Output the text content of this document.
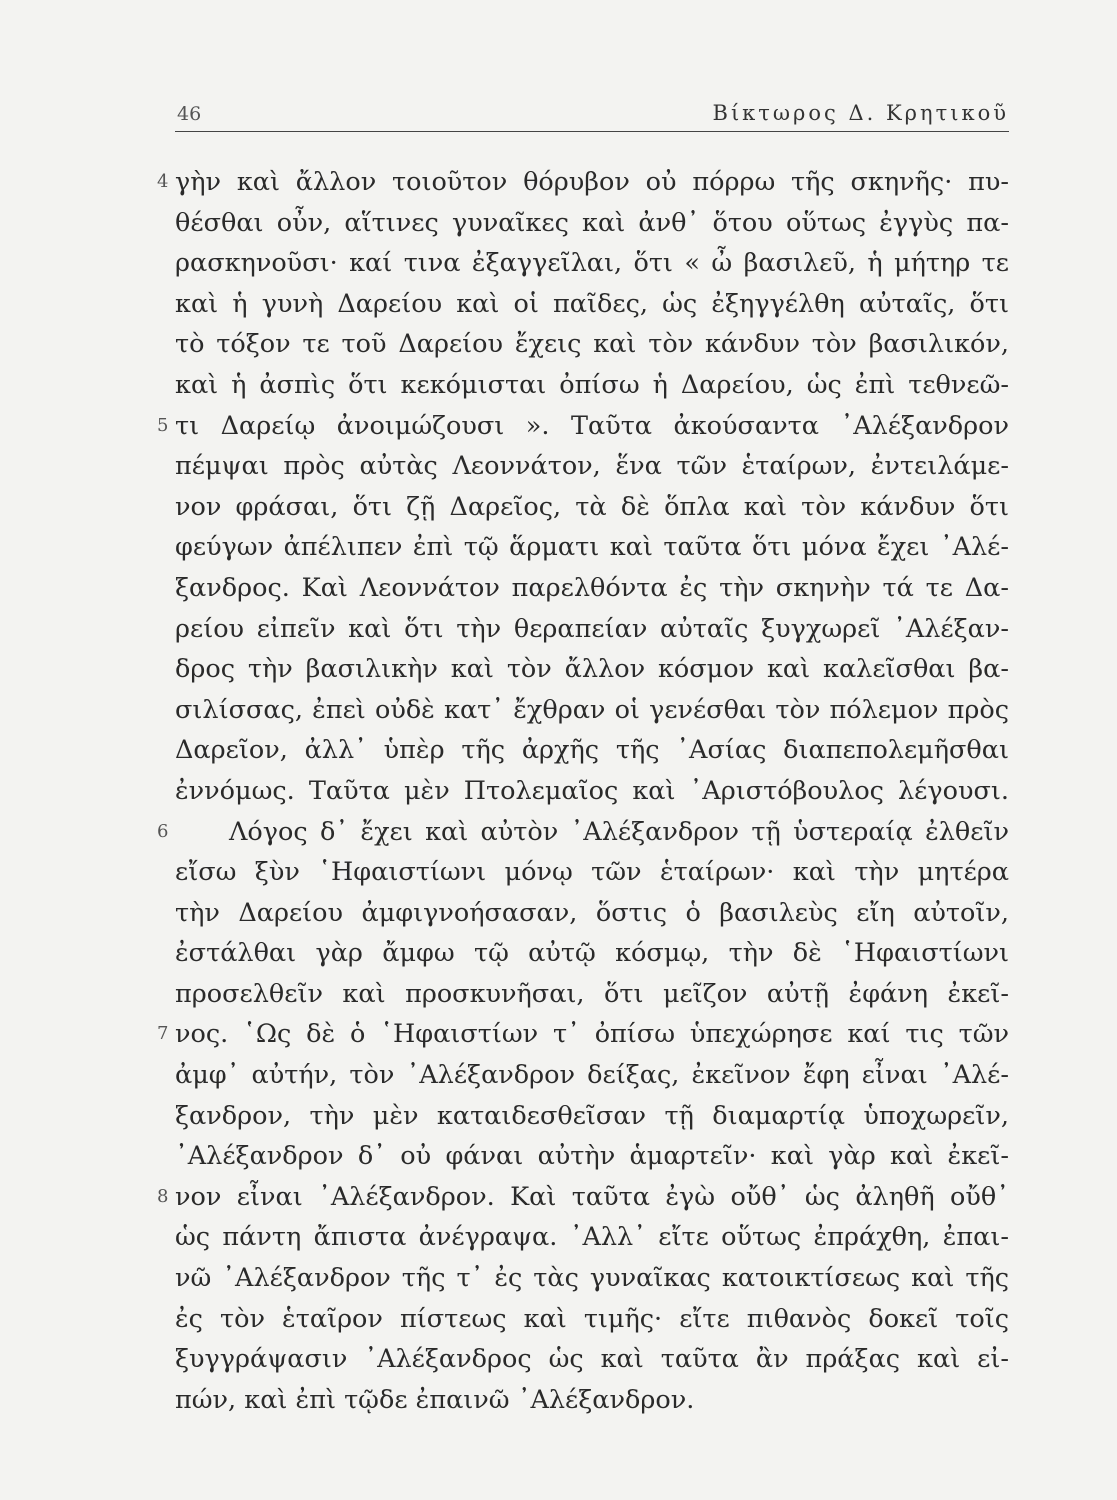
46	Βίκτωρος Δ. Κρητικοῦ
4 γὴν καὶ ἄλλον τοιοῦτον θόρυβον οὐ πόρρω τῆς σκηνῆς· πυ-
θέσθαι οὖν, αἵτινες γυναῖκες καὶ ἀνθ᾽ ὅτου οὕτως ἐγγὺς πα-
ρασκηνοῦσι· καί τινα ἐξαγγεῖλαι, ὅτι « ὦ βασιλεῦ, ἡ μήτηρ τε
καὶ ἡ γυνὴ Δαρείου καὶ οἱ παῖδες, ὡς ἐξηγγέλθη αὐταῖς, ὅτι
τὸ τόξον τε τοῦ Δαρείου ἔχεις καὶ τὸν κάνδυν τὸν βασιλικόν,
καὶ ἡ ἀσπὶς ὅτι κεκόμισται ὀπίσω ἡ Δαρείου, ὡς ἐπὶ τεθνεῶ-
5 τι Δαρείῳ ἀνοιμώζουσι ». Ταῦτα ἀκούσαντα ᾿Αλέξανδρον
πέμψαι πρὸς αὐτὰς Λεοννάτον, ἕνα τῶν ἑταίρων, ἐντειλάμε-
νον φράσαι, ὅτι ζῇ Δαρεῖος, τὰ δὲ ὅπλα καὶ τὸν κάνδυν ὅτι
φεύγων ἀπέλιπεν ἐπὶ τῷ ἅρματι καὶ ταῦτα ὅτι μόνα ἔχει ᾿Αλέ-
ξανδρος. Καὶ Λεοννάτον παρελθόντα ἐς τὴν σκηνὴν τά τε Δα-
ρείου εἰπεῖν καὶ ὅτι τὴν θεραπείαν αὐταῖς ξυγχωρεῖ ᾿Αλέξαν-
δρος τὴν βασιλικὴν καὶ τὸν ἄλλον κόσμον καὶ καλεῖσθαι βα-
σιλίσσας, ἐπεὶ οὐδὲ κατ᾽ ἔχθραν οἱ γενέσθαι τὸν πόλεμον πρὸς
Δαρεῖον, ἀλλ᾽ ὑπὲρ τῆς ἀρχῆς τῆς ᾿Ασίας διαπεπολεμῆσθαι
ἐννόμως. Ταῦτα μὲν Πτολεμαῖος καὶ ᾿Αριστόβουλος λέγουσι.
6 Λόγος δ᾽ ἔχει καὶ αὐτὸν ᾿Αλέξανδρον τῇ ὑστεραίᾳ ἐλθεῖν
εἴσω ξὺν ῾Ηφαιστίωνι μόνῳ τῶν ἑταίρων· καὶ τὴν μητέρα
τὴν Δαρείου ἀμφιγνοήσασαν, ὅστις ὁ βασιλεὺς εἴη αὐτοῖν,
ἐστάλθαι γὰρ ἄμφω τῷ αὐτῷ κόσμῳ, τὴν δὲ ῾Ηφαιστίωνι
προσελθεῖν καὶ προσκυνῆσαι, ὅτι μεῖζον αὐτῇ ἐφάνη ἐκεῖ-
7 νος. ῾Ως δὲ ὁ ῾Ηφαιστίων τ᾽ ὀπίσω ὑπεχώρησε καί τις τῶν
ἀμφ᾽ αὐτήν, τὸν ᾿Αλέξανδρον δείξας, ἐκεῖνον ἔφη εἶναι ᾿Αλέ-
ξανδρον, τὴν μὲν καταιδεσθεῖσαν τῇ διαμαρτίᾳ ὑποχωρεῖν,
᾿Αλέξανδρον δ᾽ οὐ φάναι αὐτὴν ἁμαρτεῖν· καὶ γὰρ καὶ ἐκεῖ-
8 νον εἶναι ᾿Αλέξανδρον. Καὶ ταῦτα ἐγὼ οὔθ᾽ ὡς ἀληθῆ οὔθ᾽
ὡς πάντη ἄπιστα ἀνέγραψα. ᾿Αλλ᾽ εἴτε οὕτως ἐπράχθη, ἐπαι-
νῶ ᾿Αλέξανδρον τῆς τ᾽ ἐς τὰς γυναῖκας κατοικτίσεως καὶ τῆς
ἐς τὸν ἑταῖρον πίστεως καὶ τιμῆς· εἴτε πιθανὸς δοκεῖ τοῖς
ξυγγράψασιν ᾿Αλέξανδρος ὡς καὶ ταῦτα ἂν πράξας καὶ εἰ-
πών, καὶ ἐπὶ τῷδε ἐπαινῶ ᾿Αλέξανδρον.
